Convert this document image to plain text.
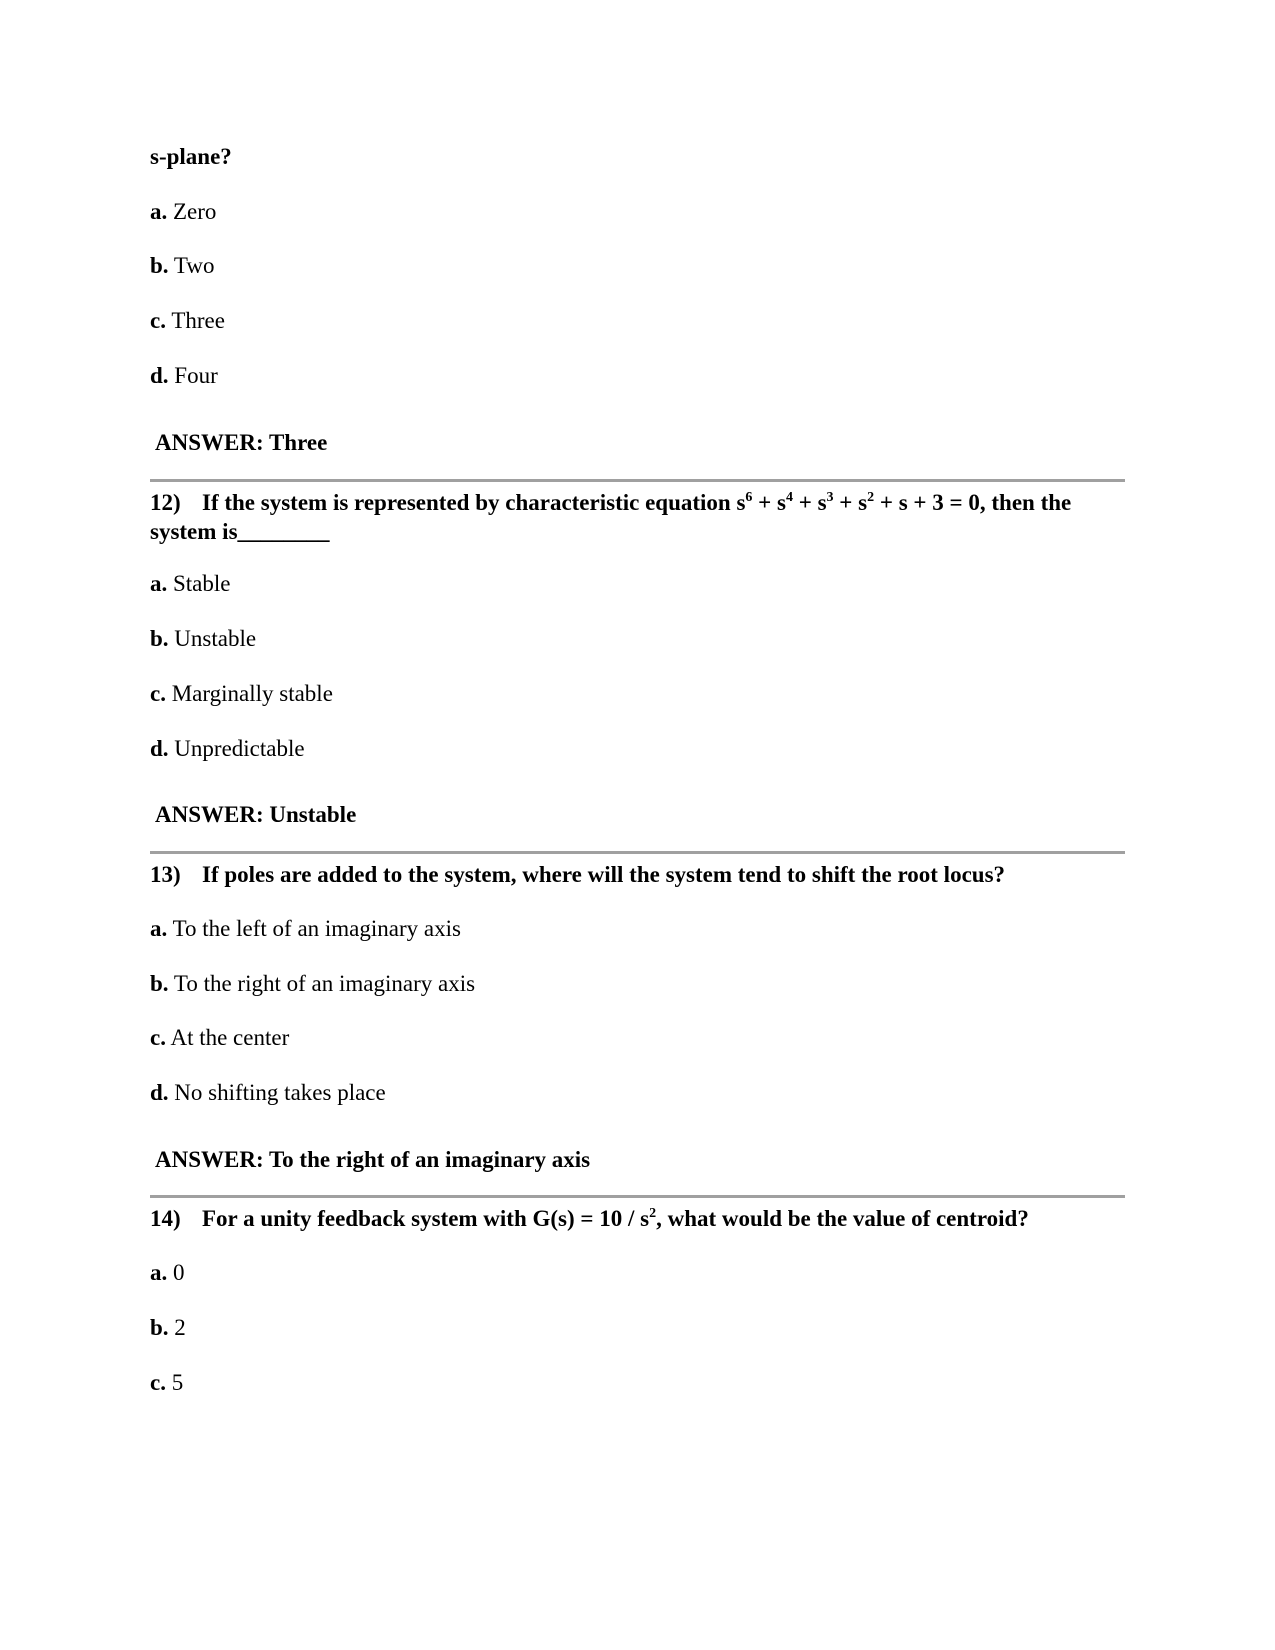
s-plane?
a. Zero
b. Two
c. Three
d. Four
ANSWER: Three
12) If the system is represented by characteristic equation $s^6 + s^4 + s^3 + s^2 + s + 3 = 0$, then the system is________
a. Stable
b. Unstable
c. Marginally stable
d. Unpredictable
ANSWER: Unstable
13) If poles are added to the system, where will the system tend to shift the root locus?
a. To the left of an imaginary axis
b. To the right of an imaginary axis
c. At the center
d. No shifting takes place
ANSWER: To the right of an imaginary axis
14) For a unity feedback system with $G(s) = 10 / s^2$, what would be the value of centroid?
a. 0
b. 2
c. 5
